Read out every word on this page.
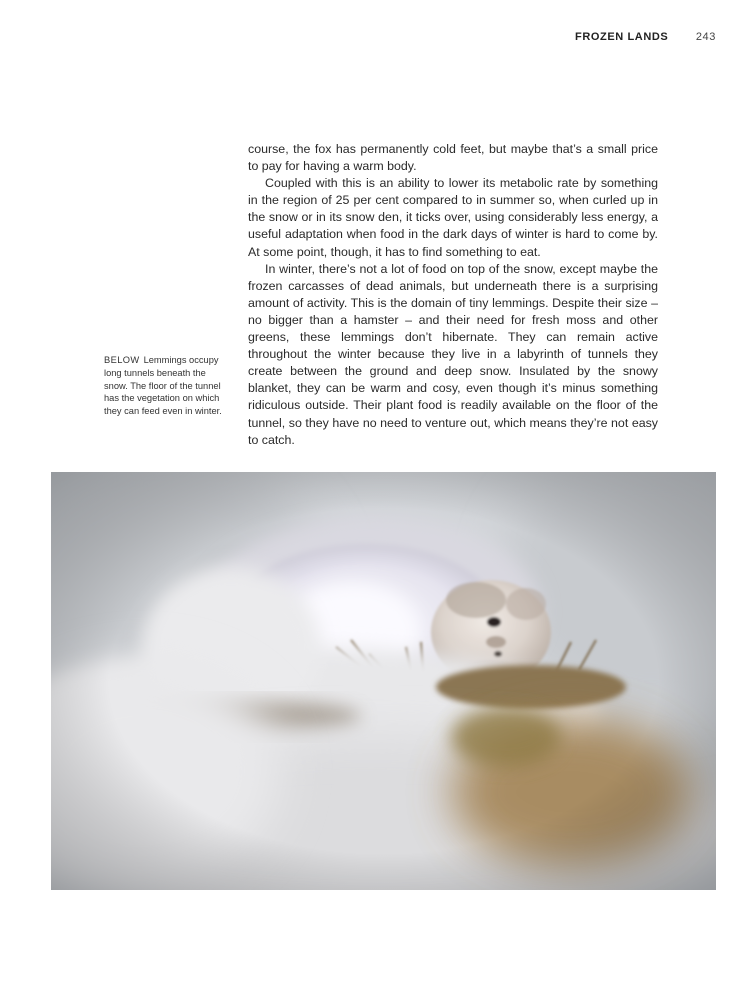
FROZEN LANDS 243

course, the fox has permanently cold feet, but maybe that’s a small price to pay for having a warm body.

Coupled with this is an ability to lower its metabolic rate by something in the region of 25 per cent compared to in summer so, when curled up in the snow or in its snow den, it ticks over, using considerably less energy, a useful adaptation when food in the dark days of winter is hard to come by. At some point, though, it has to find something to eat.

In winter, there’s not a lot of food on top of the snow, except maybe the frozen carcasses of dead animals, but underneath there is a surprising amount of activity. This is the domain of tiny lemmings. Despite their size – no bigger than a hamster – and their need for fresh moss and other greens, these lemmings don’t hibernate. They can remain active throughout the winter because they live in a labyrinth of tunnels they create between the ground and deep snow. Insulated by the snowy blanket, they can be warm and cosy, even though it’s minus something ridiculous outside. Their plant food is readily available on the floor of the tunnel, so they have no need to venture out, which means they’re not easy to catch.

BELOW Lemmings occupy long tunnels beneath the snow. The floor of the tunnel has the vegetation on which they can feed even in winter.
